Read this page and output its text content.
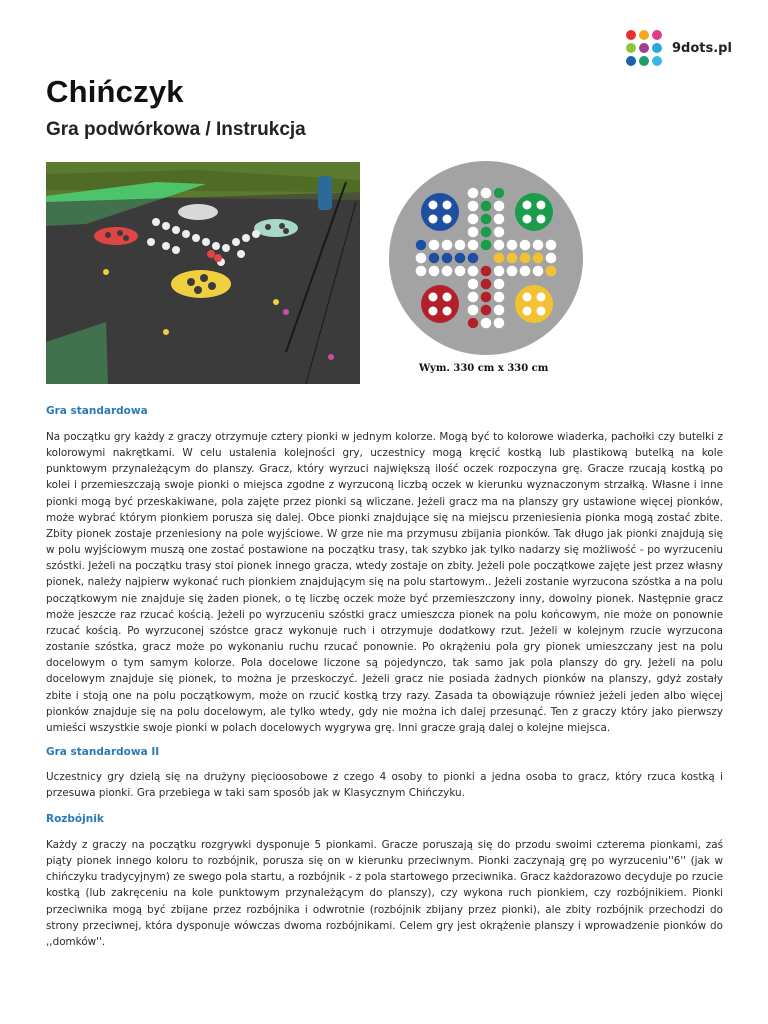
9dots.pl
Chińczyk
Gra podwórkowa / Instrukcja
Wym. 330 cm x 330 cm
Gra standardowa

Na początku gry każdy z graczy otrzymuje cztery pionki w jednym kolorze. Mogą być to kolorowe wiaderka, pachołki czy butelki z kolorowymi nakrętkami. W celu ustalenia kolejności gry, uczestnicy mogą kręcić kostką lub plastikową butelką na kole punktowym przynależącym do planszy. Gracz, który wyrzuci największą ilość oczek rozpoczyna grę. Gracze rzucają kostką po kolei i przemieszczają swoje pionki o miejsca zgodne z wyrzuconą liczbą oczek w kierunku wyznaczonym strzałką. Własne i inne pionki mogą być przeskakiwane, pola zajęte przez pionki są wliczane. Jeżeli gracz ma na planszy gry ustawione więcej pionków, może wybrać którym pionkiem porusza się dalej. Obce pionki znajdujące się na miejscu przeniesienia pionka mogą zostać zbite. Zbity pionek zostaje przeniesiony na pole wyjściowe. W grze nie ma przymusu zbijania pionków. Tak długo jak pionki znajdują się w polu wyjściowym muszą one zostać postawione na początku trasy, tak szybko jak tylko nadarzy się możliwość - po wyrzuceniu szóstki. Jeżeli na początku trasy stoi pionek innego gracza, wtedy zostaje on zbity. Jeżeli pole początkowe zajęte jest przez własny pionek, należy najpierw wykonać ruch pionkiem znajdującym się na polu startowym.. Jeżeli zostanie wyrzucona szóstka a na polu początkowym nie znajduje się żaden pionek, o tę liczbę oczek może być przemieszczony inny, dowolny pionek. Następnie gracz może jeszcze raz rzucać kością. Jeżeli po wyrzuceniu szóstki gracz umieszcza pionek na polu końcowym, nie może on ponownie rzucać kością. Po wyrzuconej szóstce gracz wykonuje ruch i otrzymuje dodatkowy rzut. Jeżeli w kolejnym rzucie wyrzucona zostanie szóstka, gracz może po wykonaniu ruchu rzucać ponownie. Po okrążeniu pola gry pionek umieszczany jest na polu docelowym o tym samym kolorze. Pola docelowe liczone są pojedynczo, tak samo jak pola planszy do gry. Jeżeli na polu docelowym znajduje się pionek, to można je przeskoczyć. Jeżeli gracz nie posiada żadnych pionków na planszy, gdyż zostały zbite i stoją one na polu początkowym, może on rzucić kostką trzy razy. Zasada ta obowiązuje również jeżeli jeden albo więcej pionków znajduje się na polu docelowym, ale tylko wtedy, gdy nie można ich dalej przesunąć. Ten z graczy który jako pierwszy umieści wszystkie swoje pionki w polach docelowych wygrywa grę. Inni gracze grają dalej o kolejne miejsca.

Gra standardowa II

Uczestnicy gry dzielą się na drużyny pięcioosobowe z czego 4 osoby to pionki a jedna osoba to gracz, który rzuca kostką i przesuwa pionki. Gra przebiega w taki sam sposób jak w Klasycznym Chińczyku.

Rozbójnik

Każdy z graczy na początku rozgrywki dysponuje 5 pionkami. Gracze poruszają się do przodu swoimi czterema pionkami, zaś piąty pionek innego koloru to rozbójnik, porusza się on w kierunku przeciwnym. Pionki zaczynają grę po wyrzuceniu''6'' (jak w chińczyku tradycyjnym) ze swego pola startu, a rozbójnik - z pola startowego przeciwnika. Gracz każdorazowo decyduje po rzucie kostką (lub zakręceniu na kole punktowym przynależącym do planszy), czy wykona ruch pionkiem, czy rozbójnikiem. Pionki przeciwnika mogą być zbijane przez rozbójnika i odwrotnie (rozbójnik zbijany przez pionki), ale zbity rozbójnik przechodzi do strony przeciwnej, która dysponuje wówczas dwoma rozbójnikami. Celem gry jest okrążenie planszy i wprowadzenie pionków do ,,domków''.
